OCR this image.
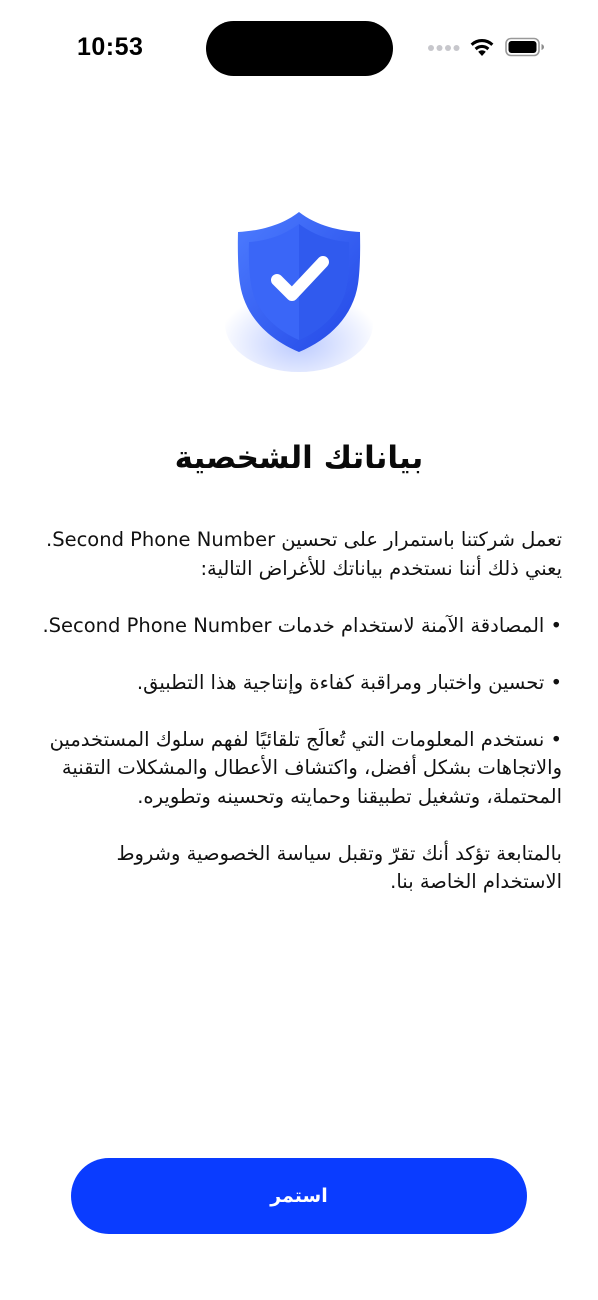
10:53
بياناتك الشخصية

تعمل شركتنا باستمرار على تحسين Second Phone Number. يعني ذلك أننا نستخدم بياناتك للأغراض التالية:

• المصادقة الآمنة لاستخدام خدمات Second Phone Number.

• تحسين واختبار ومراقبة كفاءة وإنتاجية هذا التطبيق.

• نستخدم المعلومات التي تُعالَج تلقائيًا لفهم سلوك المستخدمين والاتجاهات بشكل أفضل، واكتشاف الأعطال والمشكلات التقنية المحتملة، وتشغيل تطبيقنا وحمايته وتحسينه وتطويره.

بالمتابعة تؤكد أنك تقرّ وتقبل سياسة الخصوصية وشروط الاستخدام الخاصة بنا.

استمر
